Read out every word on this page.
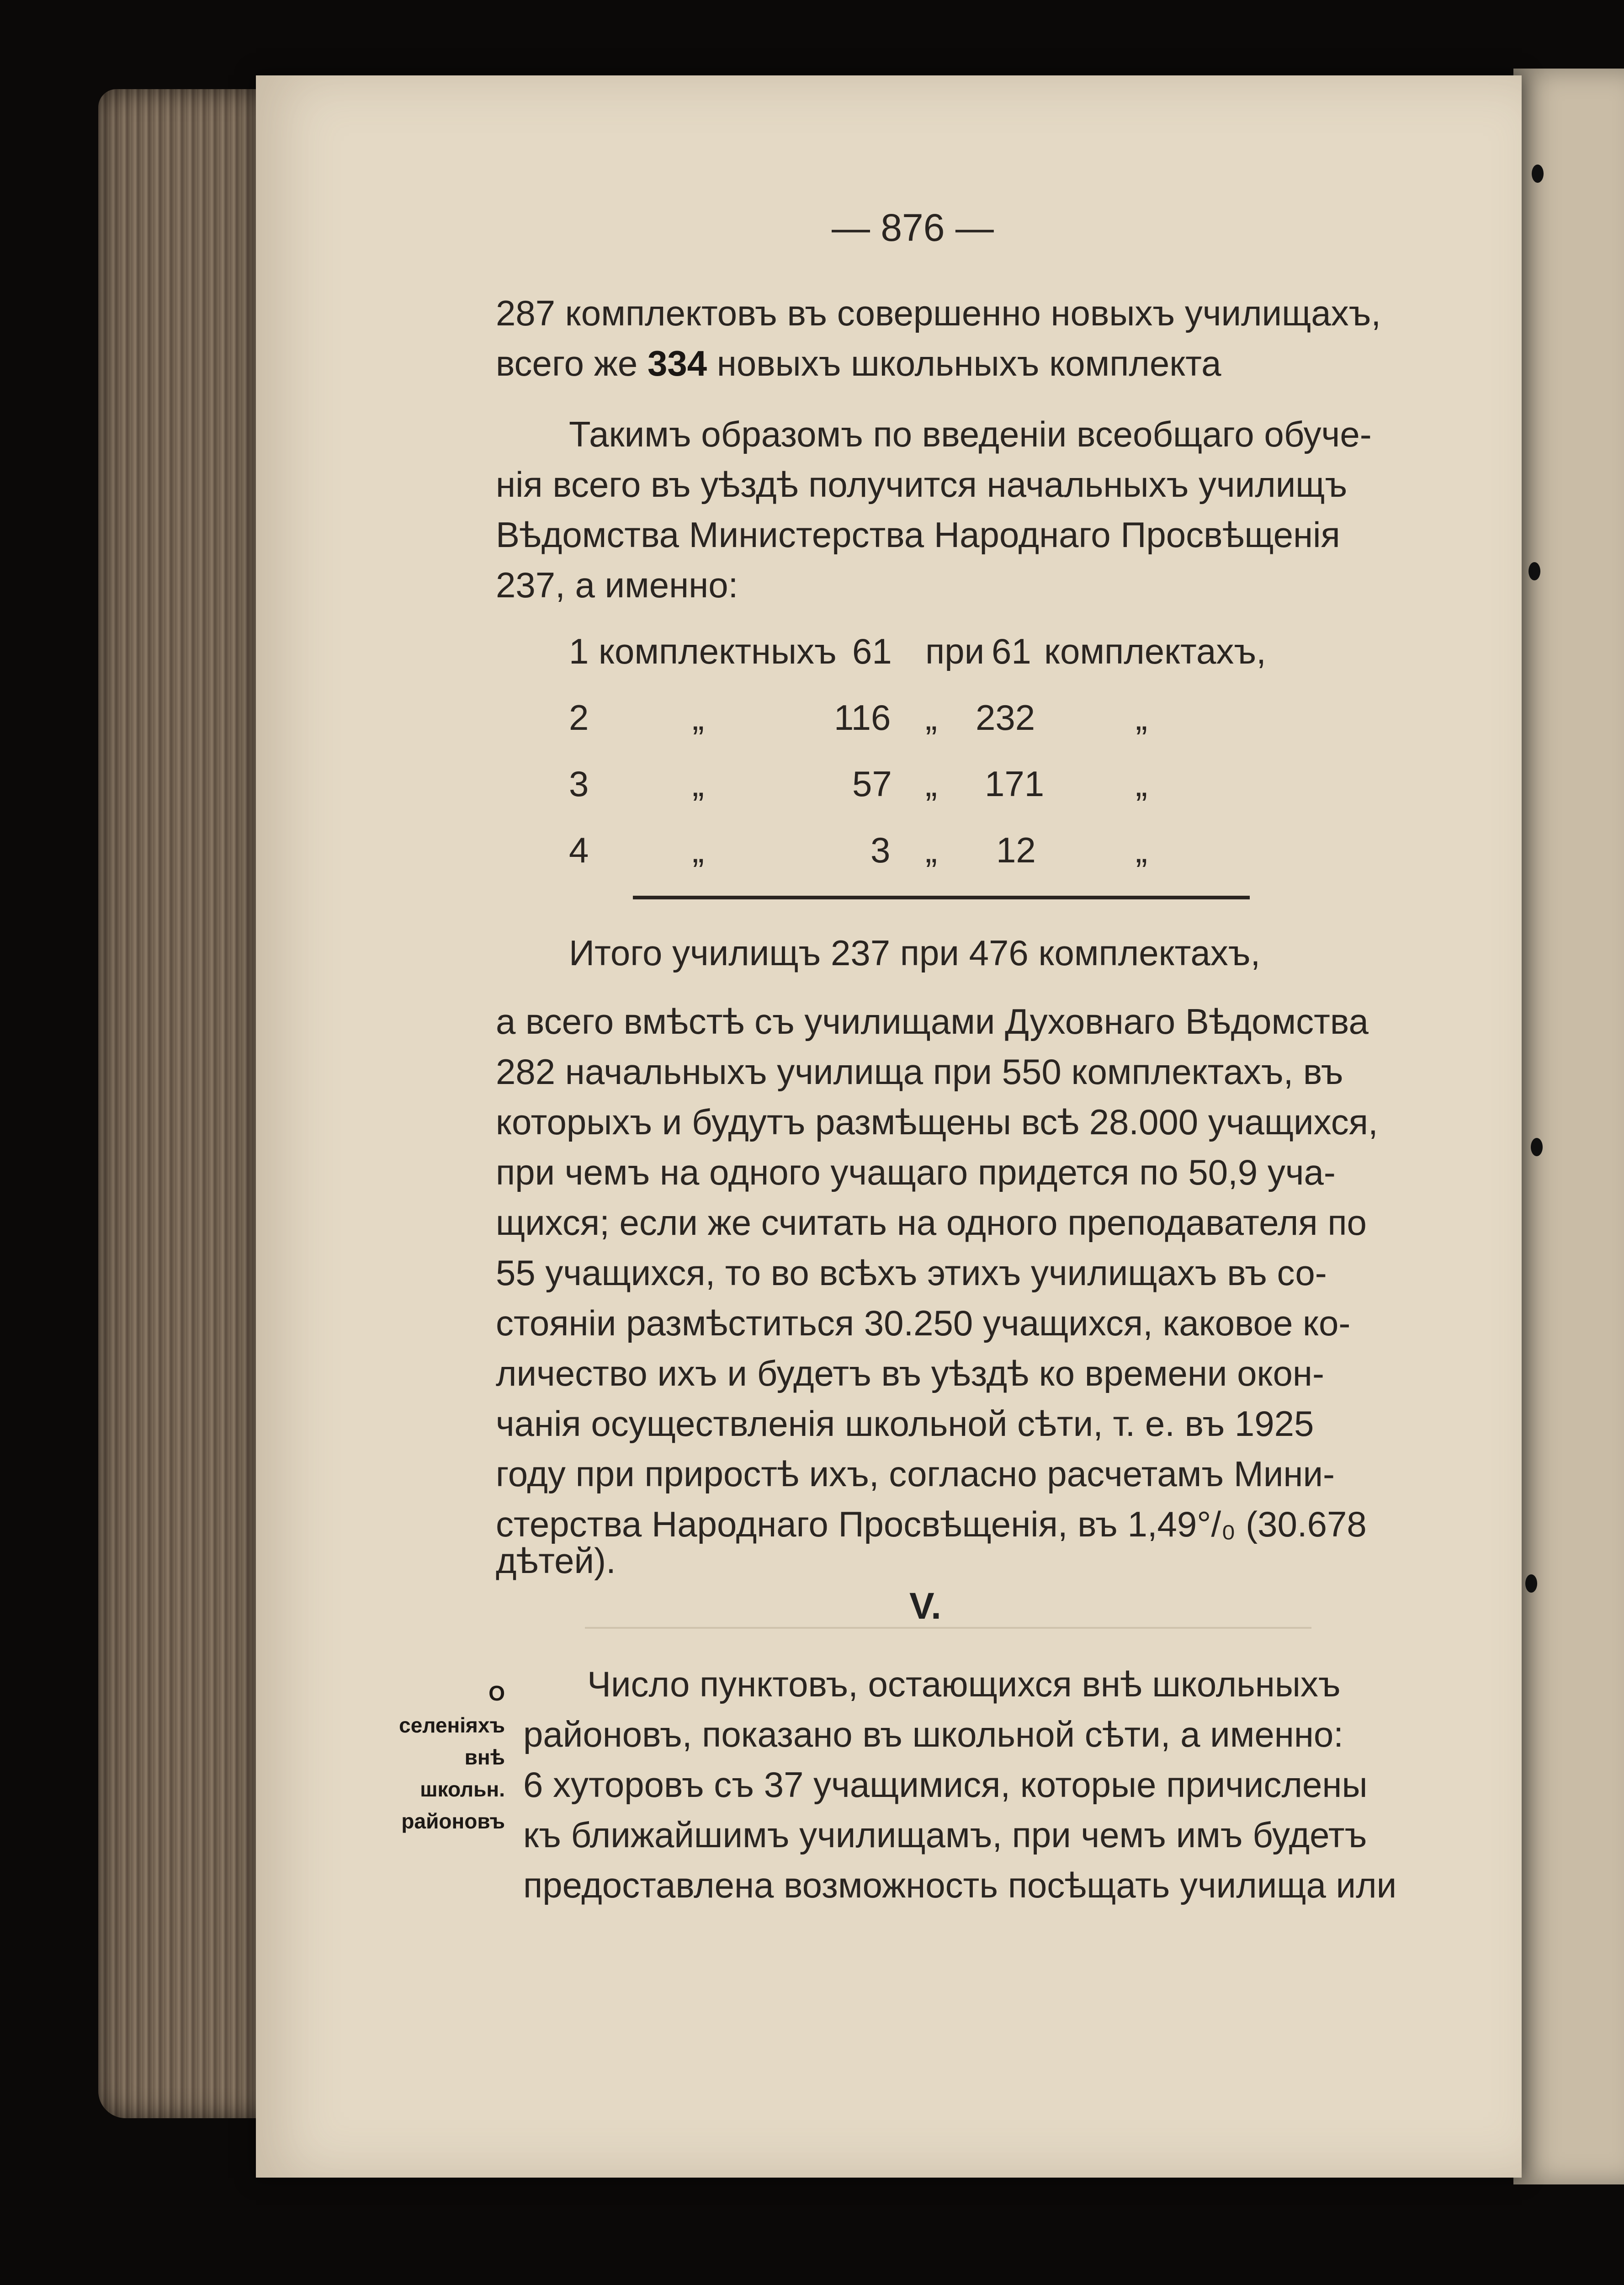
— 876 —
287 комплектовъ въ совершенно новыхъ училищахъ,
всего же 334 новыхъ школьныхъ комплекта
Такимъ образомъ по введеніи всеобщаго обуче-
нія всего въ уѣздѣ получится начальныхъ училищъ
Вѣдомства Министерства Народнаго Просвѣщенія
237, а именно:
1 комплектныхъ 61 при 61 комплектахъ,
2	„	116 „ 232	„
3	„	57 „ 171	„
4	„	3 „ 12	„
Итого училищъ 237 при 476 комплектахъ,
а всего вмѣстѣ съ училищами Духовнаго Вѣдомства
282 начальныхъ училища при 550 комплектахъ, въ
которыхъ и будутъ размѣщены всѣ 28.000 учащихся,
при чемъ на одного учащаго придется по 50,9 уча-
щихся; если же считать на одного преподавателя по
55 учащихся, то во всѣхъ этихъ училищахъ въ со-
стояніи размѣститься 30.250 учащихся, каковое ко-
личество ихъ и будетъ въ уѣздѣ ко времени окон-
чанія осуществленія школьной сѣти, т. е. въ 1925
году при приростѣ ихъ, согласно расчетамъ Мини-
стерства Народнаго Просвѣщенія, въ 1,49°/₀ (30.678
дѣтей).
V.
О селеніяхъ
внѣ школьн.
районовъ
Число пунктовъ, остающихся внѣ школьныхъ
районовъ, показано въ школьной сѣти, а именно:
6 хуторовъ съ 37 учащимися, которые причислены
къ ближайшимъ училищамъ, при чемъ имъ будетъ
предоставлена возможность посѣщать училища или
